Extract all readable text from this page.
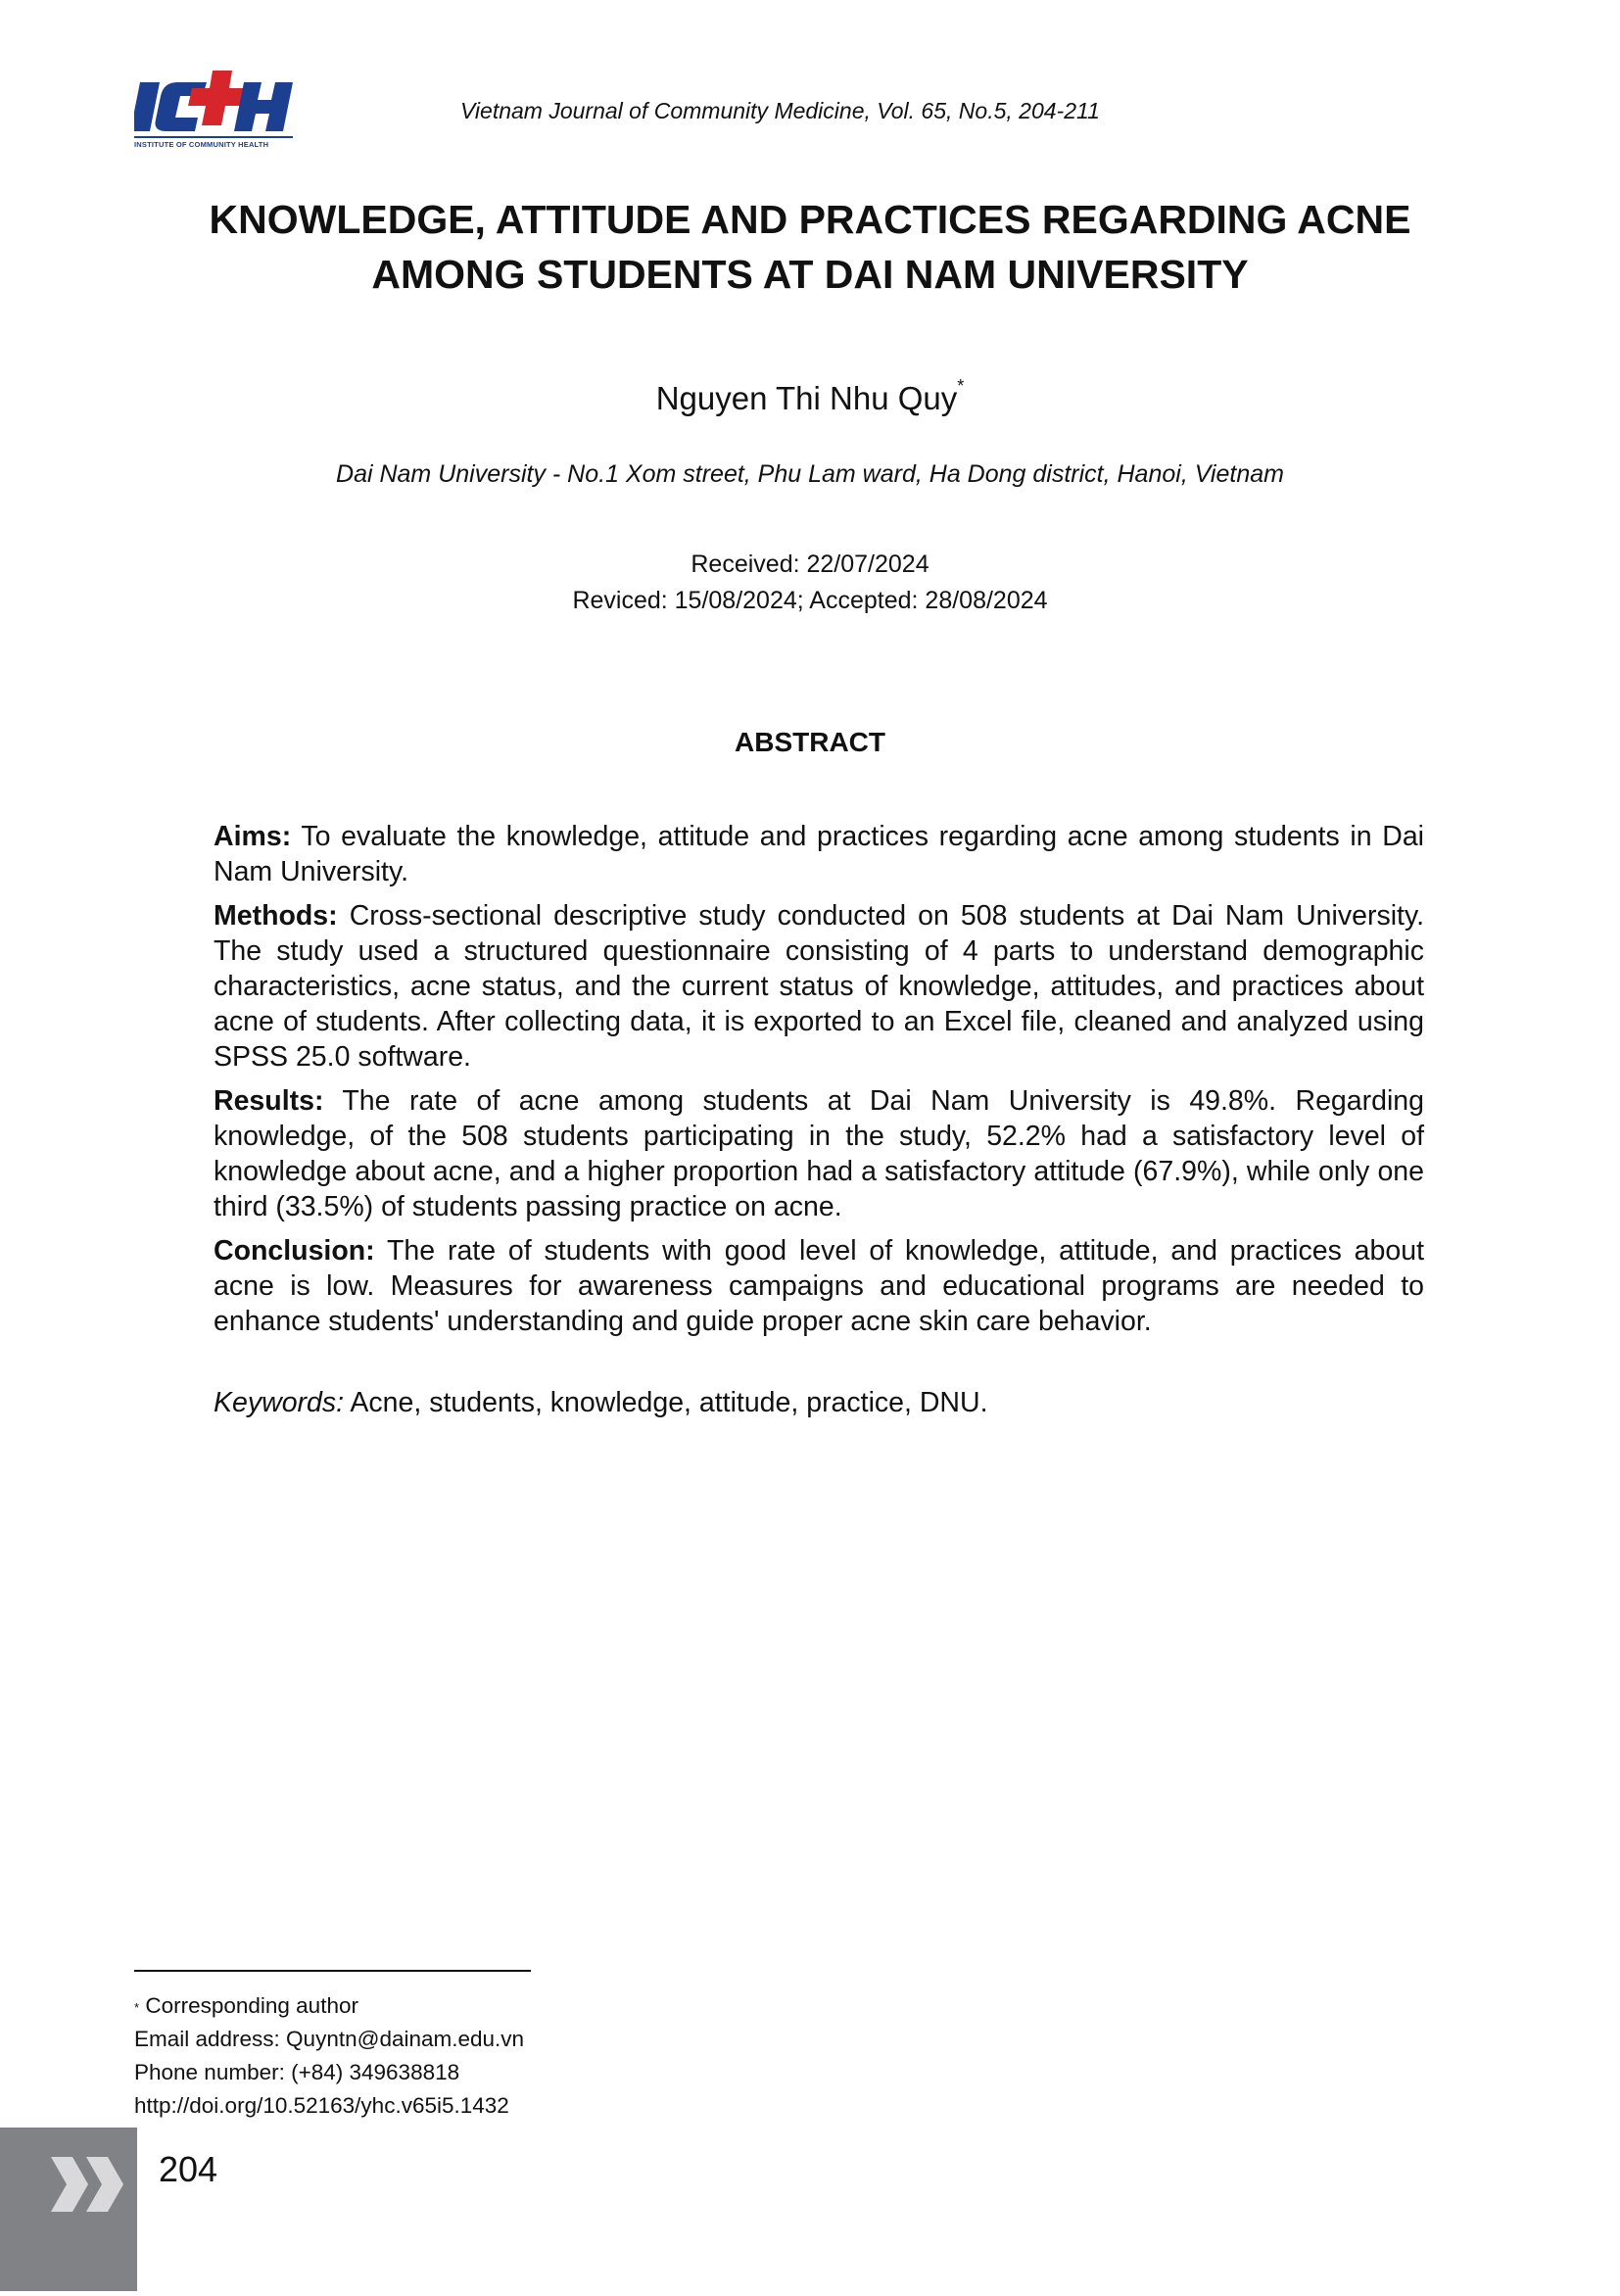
INSTITUTE OF COMMUNITY HEALTH
Vietnam Journal of Community Medicine, Vol. 65, No.5, 204-211
KNOWLEDGE, ATTITUDE AND PRACTICES REGARDING ACNE
AMONG STUDENTS AT DAI NAM UNIVERSITY
Nguyen Thi Nhu Quy*
Dai Nam University - No.1 Xom street, Phu Lam ward, Ha Dong district, Hanoi, Vietnam
Received: 22/07/2024
Reviced: 15/08/2024; Accepted: 28/08/2024
ABSTRACT

Aims: To evaluate the knowledge, attitude and practices regarding acne among students in Dai Nam University.

Methods: Cross-sectional descriptive study conducted on 508 students at Dai Nam University. The study used a structured questionnaire consisting of 4 parts to understand demographic characteristics, acne status, and the current status of knowledge, attitudes, and practices about acne of students. After collecting data, it is exported to an Excel file, cleaned and analyzed using SPSS 25.0 software.

Results: The rate of acne among students at Dai Nam University is 49.8%. Regarding knowledge, of the 508 students participating in the study, 52.2% had a satisfactory level of knowledge about acne, and a higher proportion had a satisfactory attitude (67.9%), while only one third (33.5%) of students passing practice on acne.

Conclusion: The rate of students with good level of knowledge, attitude, and practices about acne is low. Measures for awareness campaigns and educational programs are needed to enhance students' understanding and guide proper acne skin care behavior.

Keywords: Acne, students, knowledge, attitude, practice, DNU.
* Corresponding author
Email address: Quyntn@dainam.edu.vn
Phone number: (+84) 349638818
http://doi.org/10.52163/yhc.v65i5.1432
204
